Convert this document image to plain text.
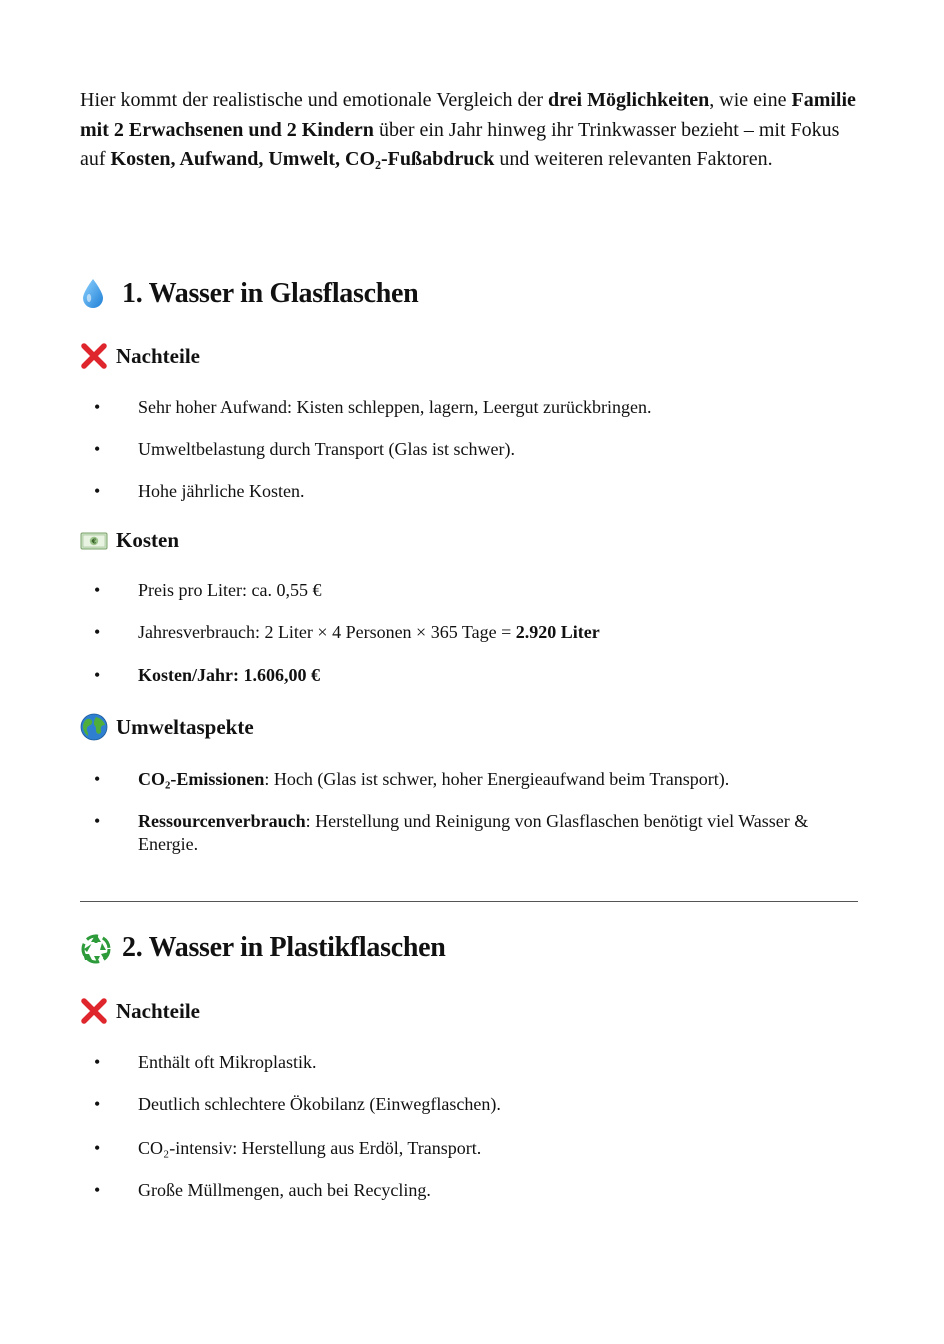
Hier kommt der realistische und emotionale Vergleich der drei Möglichkeiten, wie eine Familie mit 2 Erwachsenen und 2 Kindern über ein Jahr hinweg ihr Trinkwasser bezieht – mit Fokus auf Kosten, Aufwand, Umwelt, CO₂-Fußabdruck und weiteren relevanten Faktoren.

1. Wasser in Glasflaschen
Nachteile
• Sehr hoher Aufwand: Kisten schleppen, lagern, Leergut zurückbringen.
• Umweltbelastung durch Transport (Glas ist schwer).
• Hohe jährliche Kosten.
€ Kosten
• Preis pro Liter: ca. 0,55 €
• Jahresverbrauch: 2 Liter × 4 Personen × 365 Tage = 2.920 Liter
• Kosten/Jahr: 1.606,00 €
Umweltaspekte
• CO₂-Emissionen: Hoch (Glas ist schwer, hoher Energieaufwand beim Transport).
• Ressourcenverbrauch: Herstellung und Reinigung von Glasflaschen benötigt viel Wasser & Energie.
2. Wasser in Plastikflaschen
Nachteile
• Enthält oft Mikroplastik.
• Deutlich schlechtere Ökobilanz (Einwegflaschen).
• CO₂-intensiv: Herstellung aus Erdöl, Transport.
• Große Müllmengen, auch bei Recycling.
